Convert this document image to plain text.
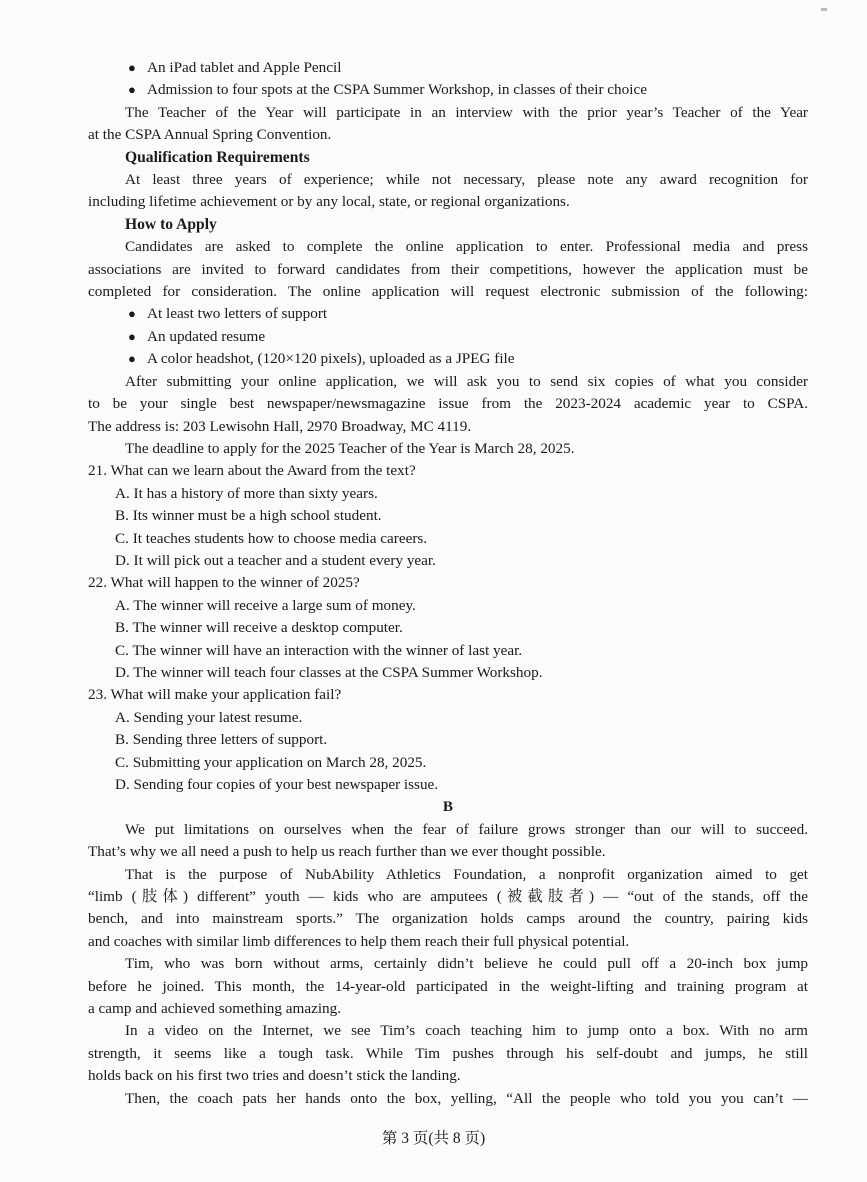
● An iPad tablet and Apple Pencil
● Admission to four spots at the CSPA Summer Workshop, in classes of their choice
The Teacher of the Year will participate in an interview with the prior year’s Teacher of the Year
at the CSPA Annual Spring Convention.
Qualification Requirements
At least three years of experience; while not necessary, please note any award recognition for
including lifetime achievement or by any local, state, or regional organizations.
How to Apply
Candidates are asked to complete the online application to enter. Professional media and press
associations are invited to forward candidates from their competitions, however the application must be
completed for consideration. The online application will request electronic submission of the following:
● At least two letters of support
● An updated resume
● A color headshot, (120×120 pixels), uploaded as a JPEG file
After submitting your online application, we will ask you to send six copies of what you consider
to be your single best newspaper/newsmagazine issue from the 2023-2024 academic year to CSPA.
The address is: 203 Lewisohn Hall, 2970 Broadway, MC 4119.
The deadline to apply for the 2025 Teacher of the Year is March 28, 2025.
21. What can we learn about the Award from the text?
A. It has a history of more than sixty years.
B. Its winner must be a high school student.
C. It teaches students how to choose media careers.
D. It will pick out a teacher and a student every year.
22. What will happen to the winner of 2025?
A. The winner will receive a large sum of money.
B. The winner will receive a desktop computer.
C. The winner will have an interaction with the winner of last year.
D. The winner will teach four classes at the CSPA Summer Workshop.
23. What will make your application fail?
A. Sending your latest resume.
B. Sending three letters of support.
C. Submitting your application on March 28, 2025.
D. Sending four copies of your best newspaper issue.
B
We put limitations on ourselves when the fear of failure grows stronger than our will to succeed.
That’s why we all need a push to help us reach further than we ever thought possible.
That is the purpose of NubAbility Athletics Foundation, a nonprofit organization aimed to get
“limb (肢体) different” youth — kids who are amputees (被截肢者) — “out of the stands, off the
bench, and into mainstream sports.” The organization holds camps around the country, pairing kids
and coaches with similar limb differences to help them reach their full physical potential.
Tim, who was born without arms, certainly didn’t believe he could pull off a 20-inch box jump
before he joined. This month, the 14-year-old participated in the weight-lifting and training program at
a camp and achieved something amazing.
In a video on the Internet, we see Tim’s coach teaching him to jump onto a box. With no arm
strength, it seems like a tough task. While Tim pushes through his self-doubt and jumps, he still
holds back on his first two tries and doesn’t stick the landing.
Then, the coach pats her hands onto the box, yelling, “All the people who told you you can’t —
第 3 页(共 8 页)
